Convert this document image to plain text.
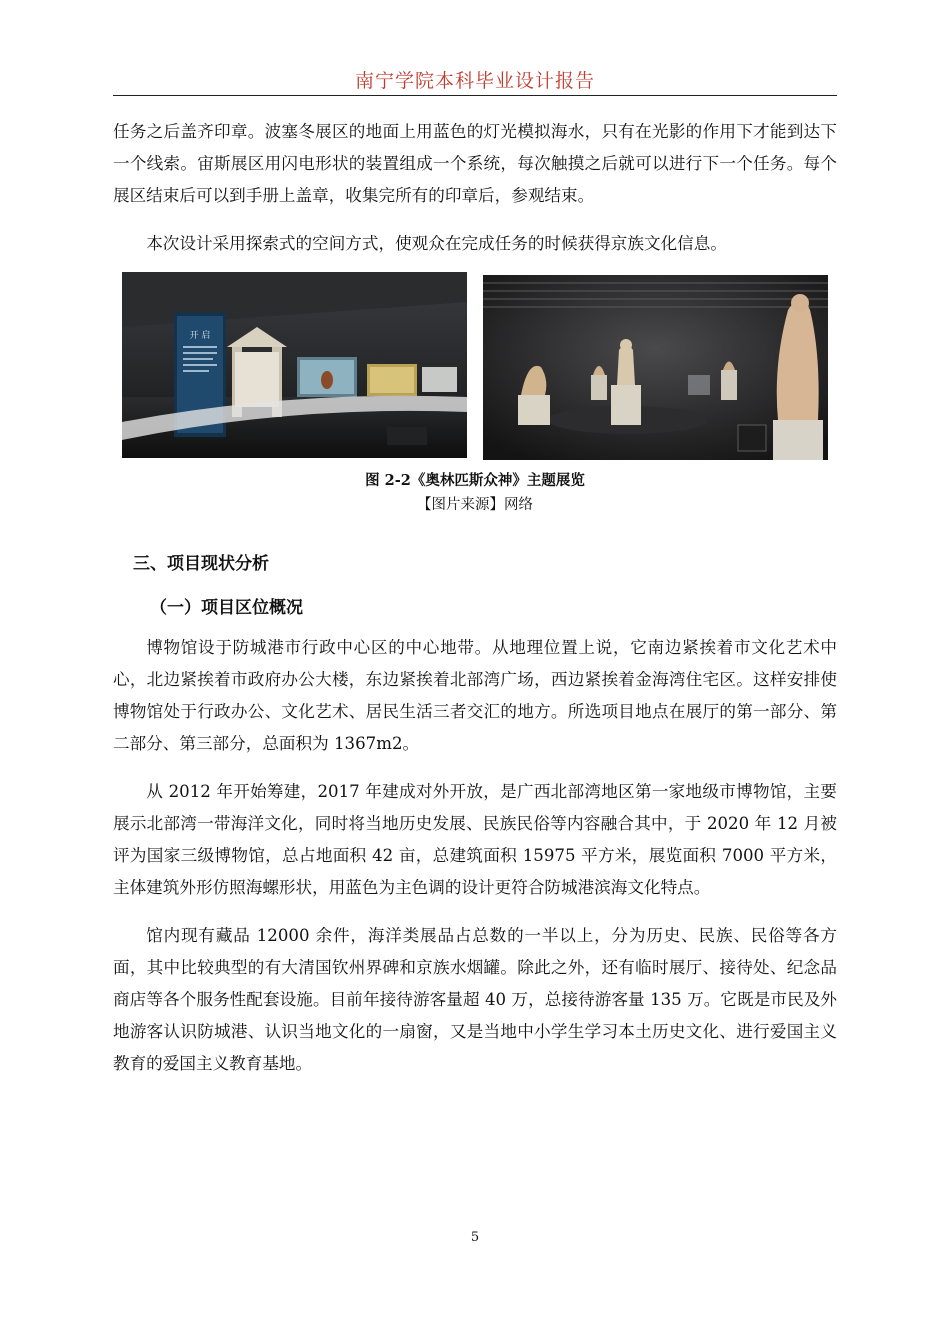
南宁学院本科毕业设计报告

任务之后盖齐印章。波塞冬展区的地面上用蓝色的灯光模拟海水，只有在光影的作用下才能到达下一个线索。宙斯展区用闪电形状的装置组成一个系统，每次触摸之后就可以进行下一个任务。每个展区结束后可以到手册上盖章，收集完所有的印章后，参观结束。

本次设计采用探索式的空间方式，使观众在完成任务的时候获得京族文化信息。

开 启
图 2-2《奥林匹斯众神》主题展览
【图片来源】网络
三、项目现状分析
（一）项目区位概况

博物馆设于防城港市行政中心区的中心地带。从地理位置上说，它南边紧挨着市文化艺术中心，北边紧挨着市政府办公大楼，东边紧挨着北部湾广场，西边紧挨着金海湾住宅区。这样安排使博物馆处于行政办公、文化艺术、居民生活三者交汇的地方。所选项目地点在展厅的第一部分、第二部分、第三部分，总面积为 1367m2。

从 2012 年开始筹建，2017 年建成对外开放，是广西北部湾地区第一家地级市博物馆，主要展示北部湾一带海洋文化，同时将当地历史发展、民族民俗等内容融合其中，于 2020 年 12 月被评为国家三级博物馆，总占地面积 42 亩，总建筑面积 15975 平方米，展览面积 7000 平方米，主体建筑外形仿照海螺形状，用蓝色为主色调的设计更符合防城港滨海文化特点。

馆内现有藏品 12000 余件，海洋类展品占总数的一半以上，分为历史、民族、民俗等各方面，其中比较典型的有大清国钦州界碑和京族水烟罐。除此之外，还有临时展厅、接待处、纪念品商店等各个服务性配套设施。目前年接待游客量超 40 万，总接待游客量 135 万。它既是市民及外地游客认识防城港、认识当地文化的一扇窗，又是当地中小学生学习本土历史文化、进行爱国主义教育的爱国主义教育基地。

5
